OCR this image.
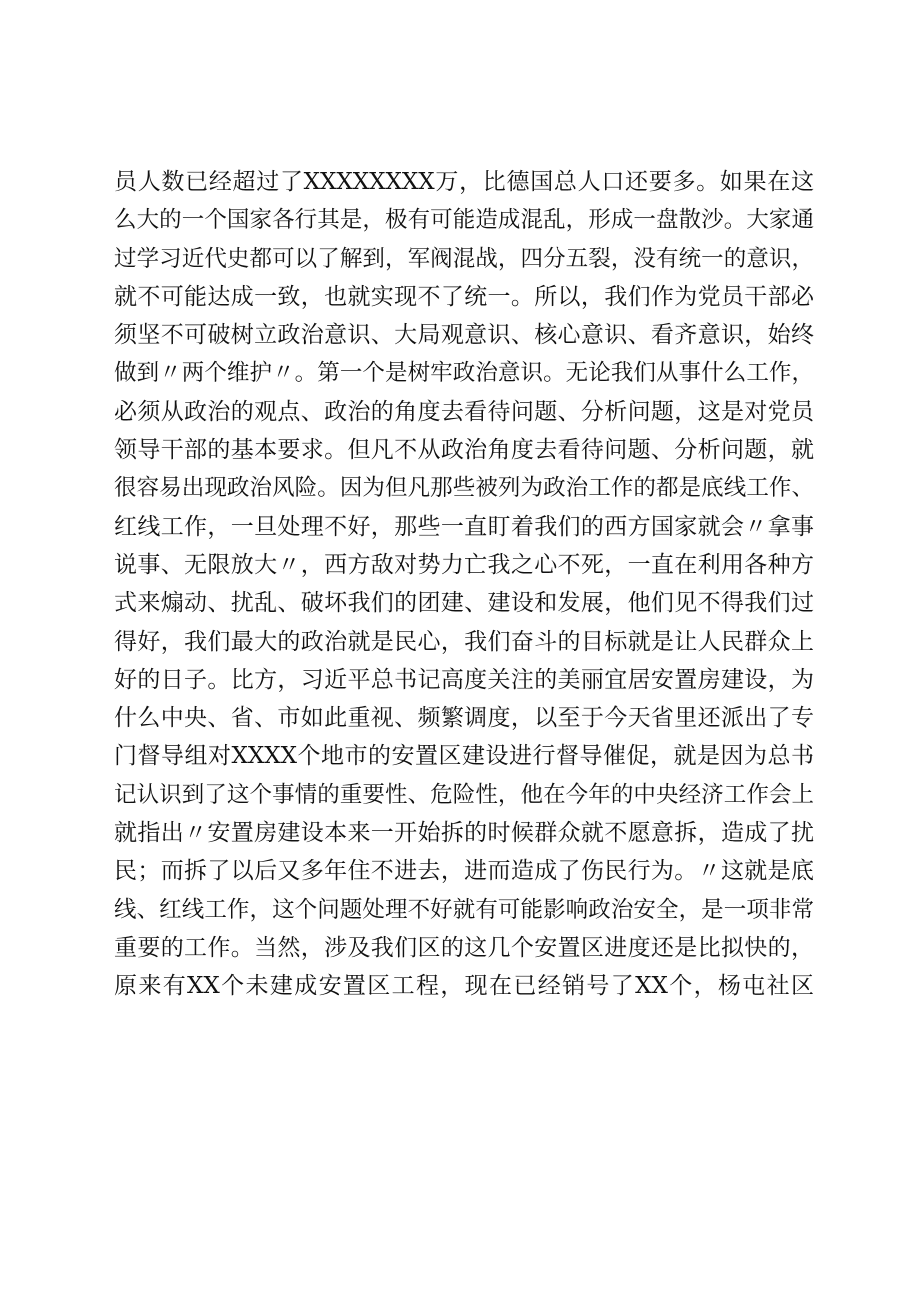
员人数已经超过了XXXXXXXX万，比德国总人口还要多。如果在这
么大的一个国家各行其是，极有可能造成混乱，形成一盘散沙。大家通
过学习近代史都可以了解到，军阀混战，四分五裂，没有统一的意识，
就不可能达成一致，也就实现不了统一。所以，我们作为党员干部必
须坚不可破树立政治意识、大局观意识、核心意识、看齐意识，始终
做到〃两个维护〃。第一个是树牢政治意识。无论我们从事什么工作，
必须从政治的观点、政治的角度去看待问题、分析问题，这是对党员
领导干部的基本要求。但凡不从政治角度去看待问题、分析问题，就
很容易出现政治风险。因为但凡那些被列为政治工作的都是底线工作、
红线工作，一旦处理不好，那些一直盯着我们的西方国家就会〃拿事
说事、无限放大〃，西方敌对势力亡我之心不死，一直在利用各种方
式来煽动、扰乱、破坏我们的团建、建设和发展，他们见不得我们过
得好，我们最大的政治就是民心，我们奋斗的目标就是让人民群众上
好的日子。比方，习近平总书记高度关注的美丽宜居安置房建设，为
什么中央、省、市如此重视、频繁调度，以至于今天省里还派出了专
门督导组对XXXX个地市的安置区建设进行督导催促，就是因为总书
记认识到了这个事情的重要性、危险性，他在今年的中央经济工作会上
就指出〃安置房建设本来一开始拆的时候群众就不愿意拆，造成了扰
民；而拆了以后又多年住不进去，进而造成了伤民行为。〃这就是底
线、红线工作，这个问题处理不好就有可能影响政治安全，是一项非常
重要的工作。当然，涉及我们区的这几个安置区进度还是比拟快的，
原来有XX个未建成安置区工程，现在已经销号了XX个，杨屯社区
